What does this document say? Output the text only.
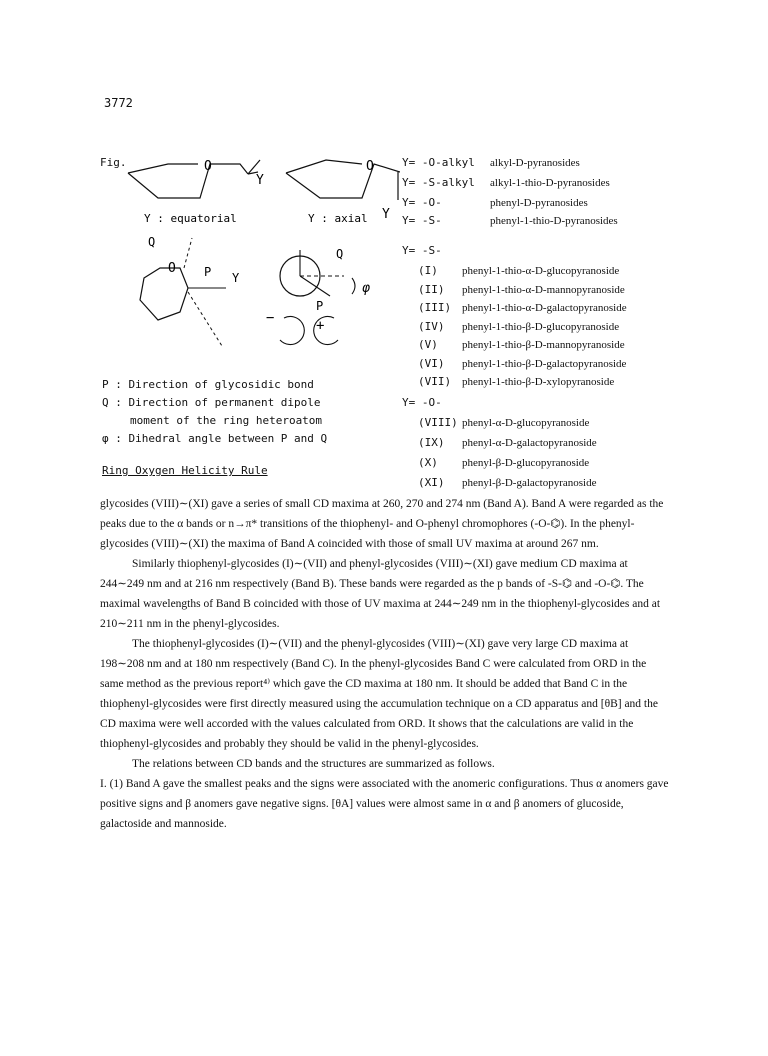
3772
O
Y
O
Y
Y : equatorial	Y : axial
O
Q
P Y
Q
P
φ
−	+
Fig.
P : Direction of glycosidic bond
Q : Direction of permanent dipole
moment of the ring heteroatom
φ : Dihedral angle between P and Q
Ring Oxygen Helicity Rule
Y= -O-alkyl alkyl-D-pyranosides
Y= -S-alkyl alkyl-1-thio-D-pyranosides
Y= -O-	phenyl-D-pyranosides
Y= -S-	phenyl-1-thio-D-pyranosides
Y= -S-
(I) phenyl-1-thio-α-D-glucopyranoside
(II) phenyl-1-thio-α-D-mannopyranoside
(III) phenyl-1-thio-α-D-galactopyranoside
(IV) phenyl-1-thio-β-D-glucopyranoside
(V) phenyl-1-thio-β-D-mannopyranoside
(VI) phenyl-1-thio-β-D-galactopyranoside
(VII) phenyl-1-thio-β-D-xylopyranoside
Y= -O-
(VIII) phenyl-α-D-glucopyranoside
(IX) phenyl-α-D-galactopyranoside
(X) phenyl-β-D-glucopyranoside
(XI) phenyl-β-D-galactopyranoside

glycosides (VIII)∼(XI) gave a series of small CD maxima at 260, 270 and 274 nm (Band A). Band A were regarded as the peaks due to the α bands or n→π* transitions of the thiophenyl- and O-phenyl chromophores (-O-⌬). In the phenyl-glycosides (VIII)∼(XI) the maxima of Band A coincided with those of small UV maxima at around 267 nm.

Similarly thiophenyl-glycosides (I)∼(VII) and phenyl-glycosides (VIII)∼(XI) gave medium CD maxima at 244∼249 nm and at 216 nm respectively (Band B). These bands were regarded as the p bands of -S-⌬ and -O-⌬. The maximal wavelengths of Band B coincided with those of UV maxima at 244∼249 nm in the thiophenyl-glycosides and at 210∼211 nm in the phenyl-glycosides.

The thiophenyl-glycosides (I)∼(VII) and the phenyl-glycosides (VIII)∼(XI) gave very large CD maxima at 198∼208 nm and at 180 nm respectively (Band C). In the phenyl-glycosides Band C were calculated from ORD in the same method as the previous report⁴⁾ which gave the CD maxima at 180 nm. It should be added that Band C in the thiophenyl-glycosides were first directly measured using the accumulation technique on a CD apparatus and [θB] and the CD maxima were well accorded with the values calculated from ORD. It shows that the calculations are valid in the thiophenyl-glycosides and probably they should be valid in the phenyl-glycosides.

The relations between CD bands and the structures are summarized as follows.

I. (1) Band A gave the smallest peaks and the signs were associated with the anomeric configurations. Thus α anomers gave positive signs and β anomers gave negative signs. [θA] values were almost same in α and β anomers of glucoside, galactoside and mannoside.
